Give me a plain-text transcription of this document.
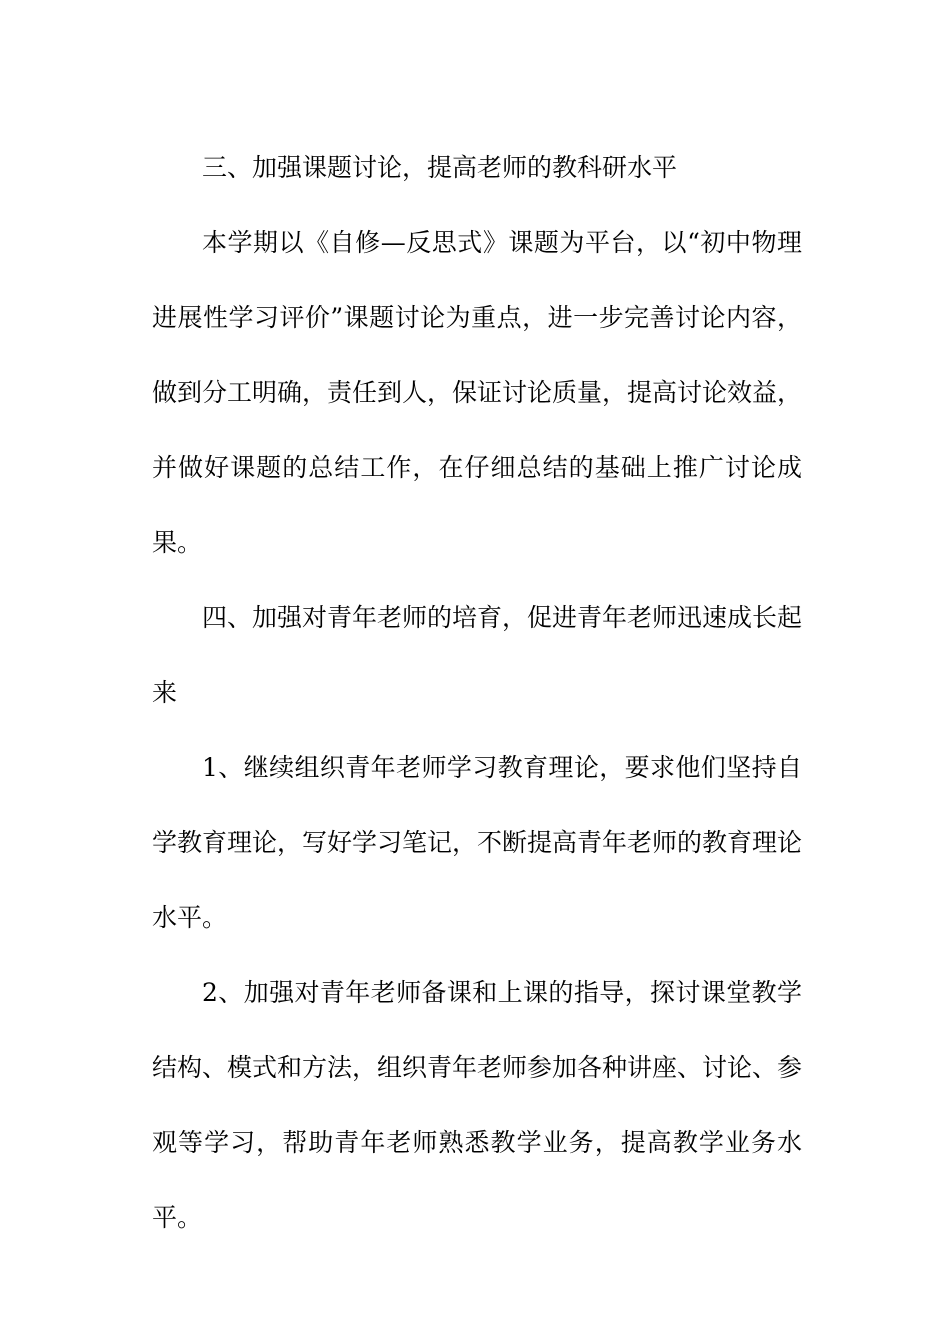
三、加强课题讨论，提高老师的教科研水平

本学期以《自修—反思式》课题为平台，以“初中物理进展性学习评价”课题讨论为重点，进一步完善讨论内容，做到分工明确，责任到人，保证讨论质量，提高讨论效益，并做好课题的总结工作，在仔细总结的基础上推广讨论成果。

四、加强对青年老师的培育，促进青年老师迅速成长起来

1、继续组织青年老师学习教育理论，要求他们坚持自学教育理论，写好学习笔记，不断提高青年老师的教育理论水平。

2、加强对青年老师备课和上课的指导，探讨课堂教学结构、模式和方法，组织青年老师参加各种讲座、讨论、参观等学习，帮助青年老师熟悉教学业务，提高教学业务水平。
